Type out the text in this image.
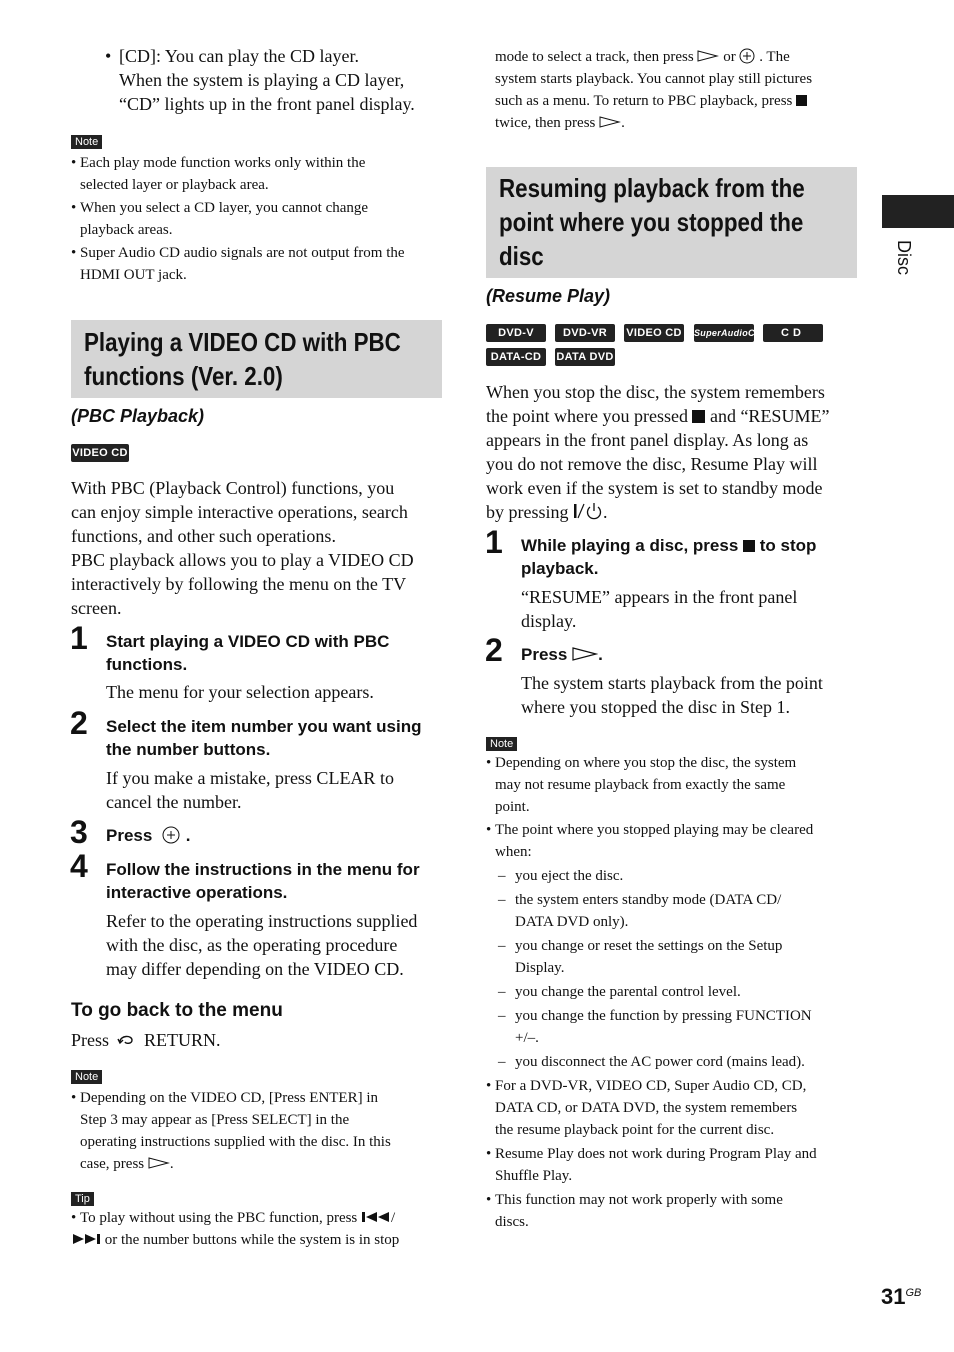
• [CD]: You can play the CD layer.
When the system is playing a CD layer,
“CD” lights up in the front panel display.
Note
• Each play mode function works only within the
selected layer or playback area.
• When you select a CD layer, you cannot change
playback areas.
• Super Audio CD audio signals are not output from the
HDMI OUT jack.
Playing a VIDEO CD with PBC
functions (Ver. 2.0)
(PBC Playback)
VIDEO CD
With PBC (Playback Control) functions, you
can enjoy simple interactive operations, search
functions, and other such operations.
PBC playback allows you to play a VIDEO CD
interactively by following the menu on the TV
screen.
1 Start playing a VIDEO CD with PBC
functions.
The menu for your selection appears.
2 Select the item number you want using
the number buttons.
If you make a mistake, press CLEAR to
cancel the number.
3 Press .
4 Follow the instructions in the menu for
interactive operations.
Refer to the operating instructions supplied
with the disc, as the operating procedure
may differ depending on the VIDEO CD.
To go back to the menu
Press RETURN.
Note
• Depending on the VIDEO CD, [Press ENTER] in
Step 3 may appear as [Press SELECT] in the
operating instructions supplied with the disc. In this
case, press .
Tip
• To play without using the PBC function, press /
or the number buttons while the system is in stop
mode to select a track, then press or . The
system starts playback. You cannot play still pictures
such as a menu. To return to PBC playback, press
twice, then press .
Resuming playback from the
point where you stopped the
disc
(Resume Play)
DVD-V	DVD-VR	VIDEO CD SuperAudioCD	CD
DATA-CD	DATA DVD
When you stop the disc, the system remembers
the point where you pressed and “RESUME”
appears in the front panel display. As long as
you do not remove the disc, Resume Play will
work even if the system is set to standby mode
by pressing .
1 While playing a disc, press to stop
playback.
“RESUME” appears in the front panel
display.
2 Press .
The system starts playback from the point
where you stopped the disc in Step 1.
Note
• Depending on where you stop the disc, the system
may not resume playback from exactly the same
point.
• The point where you stopped playing may be cleared
when:
– you eject the disc.
– the system enters standby mode (DATA CD/
DATA DVD only).
– you change or reset the settings on the Setup
Display.
– you change the parental control level.
– you change the function by pressing FUNCTION
+/–.
– you disconnect the AC power cord (mains lead).
• For a DVD-VR, VIDEO CD, Super Audio CD, CD,
DATA CD, or DATA DVD, the system remembers
the resume playback point for the current disc.
• Resume Play does not work during Program Play and
Shuffle Play.
• This function may not work properly with some
discs.
Disc
$31^{GB}$
